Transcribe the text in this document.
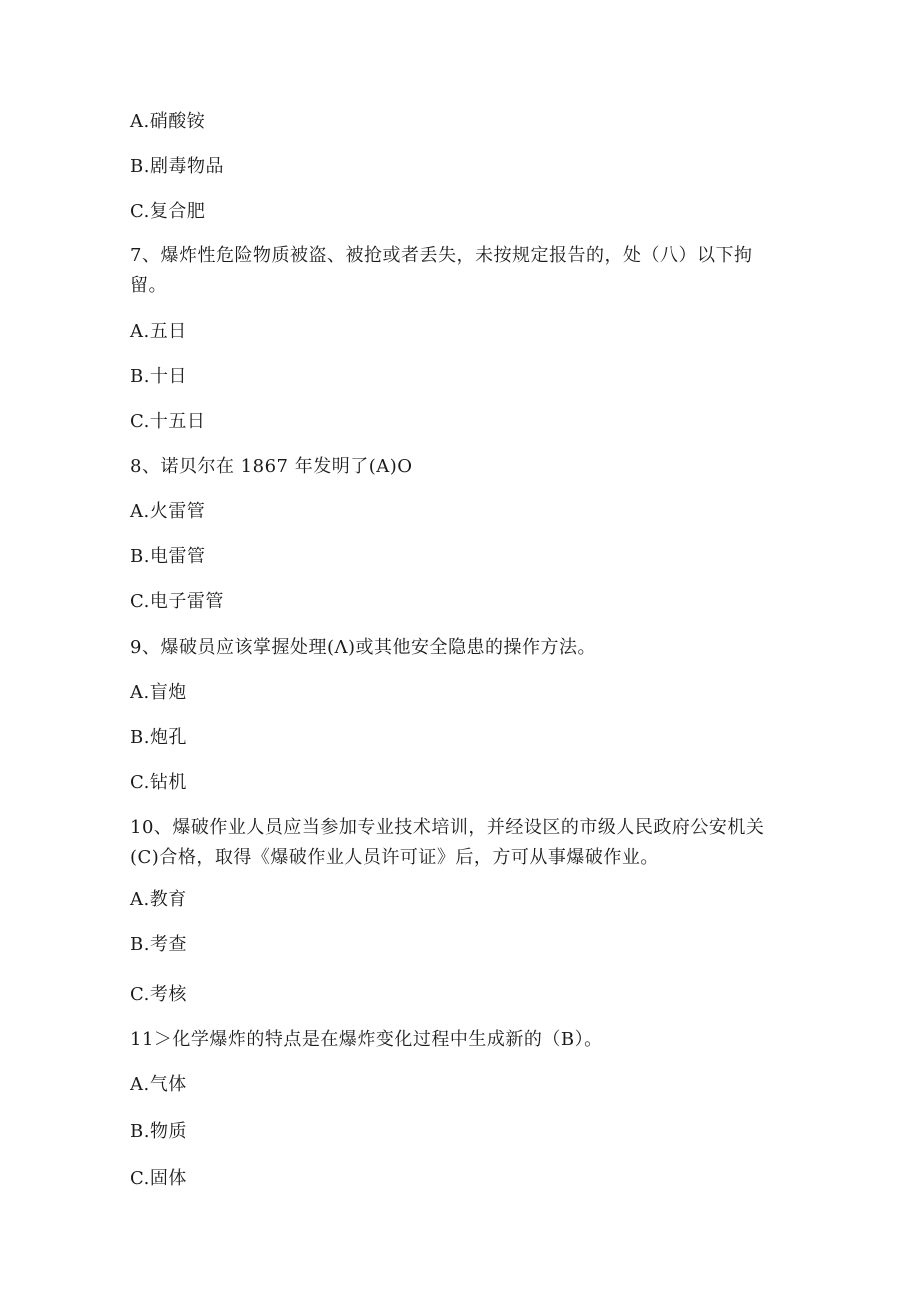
A.硝酸铵
B.剧毒物品
C.复合肥
7、爆炸性危险物质被盗、被抢或者丢失，未按规定报告的，处（八）以下拘留。
A.五日
B.十日
C.十五日
8、诺贝尔在 1867 年发明了(A)O
A.火雷管
B.电雷管
C.电子雷管
9、爆破员应该掌握处理(Λ)或其他安全隐患的操作方法。
A.盲炮
B.炮孔
C.钻机
10、爆破作业人员应当参加专业技术培训，并经设区的市级人民政府公安机关(C)合格，取得《爆破作业人员许可证》后，方可从事爆破作业。
A.教育
B.考查
C.考核
11＞化学爆炸的特点是在爆炸变化过程中生成新的（B）。
A.气体
B.物质
C.固体
